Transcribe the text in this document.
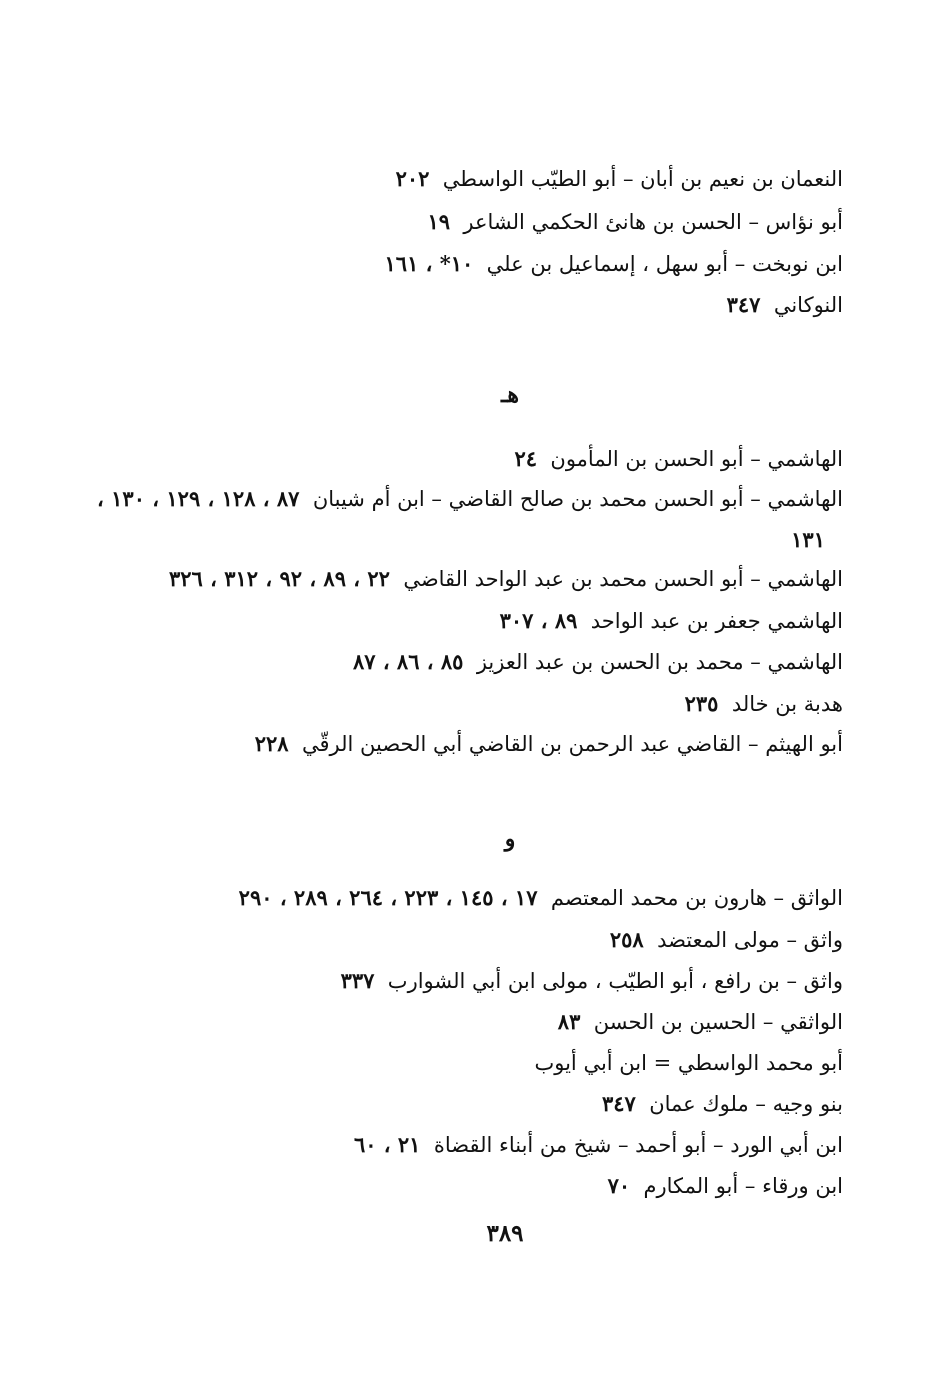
النعمان بن نعيم بن أبان – أبو الطيّب الواسطي  ٢٠٢
أبو نؤاس – الحسن بن هانئ الحكمي الشاعر  ١٩
ابن نوبخت – أبو سهل ، إسماعيل بن علي  ١٠* ، ١٦١
النوكاني  ٣٤٧
هـ
الهاشمي – أبو الحسن بن المأمون  ٢٤
الهاشمي – أبو الحسن محمد بن صالح القاضي – ابن أم شيبان  ٨٧ ، ١٢٨ ، ١٢٩ ، ١٣٠ ،
١٣١
الهاشمي – أبو الحسن محمد بن عبد الواحد القاضي  ٢٢ ، ٨٩ ، ٩٢ ، ٣١٢ ، ٣٢٦
الهاشمي جعفر بن عبد الواحد  ٨٩ ، ٣٠٧
الهاشمي – محمد بن الحسن بن عبد العزيز  ٨٥ ، ٨٦ ، ٨٧
هدبة بن خالد  ٢٣٥
أبو الهيثم – القاضي عبد الرحمن بن القاضي أبي الحصين الرقّي  ٢٢٨
و
الواثق – هارون بن محمد المعتصم  ١٧ ، ١٤٥ ، ٢٢٣ ، ٢٦٤ ، ٢٨٩ ، ٢٩٠
واثق – مولى المعتضد  ٢٥٨
واثق – بن رافع ، أبو الطيّب ، مولى ابن أبي الشوارب  ٣٣٧
الواثقي – الحسين بن الحسن  ٨٣
أبو محمد الواسطي = ابن أبي أيوب
بنو وجيه – ملوك عمان  ٣٤٧
ابن أبي الورد – أبو أحمد – شيخ من أبناء القضاة  ٢١ ، ٦٠
ابن ورقاء – أبو المكارم  ٧٠
٣٨٩
